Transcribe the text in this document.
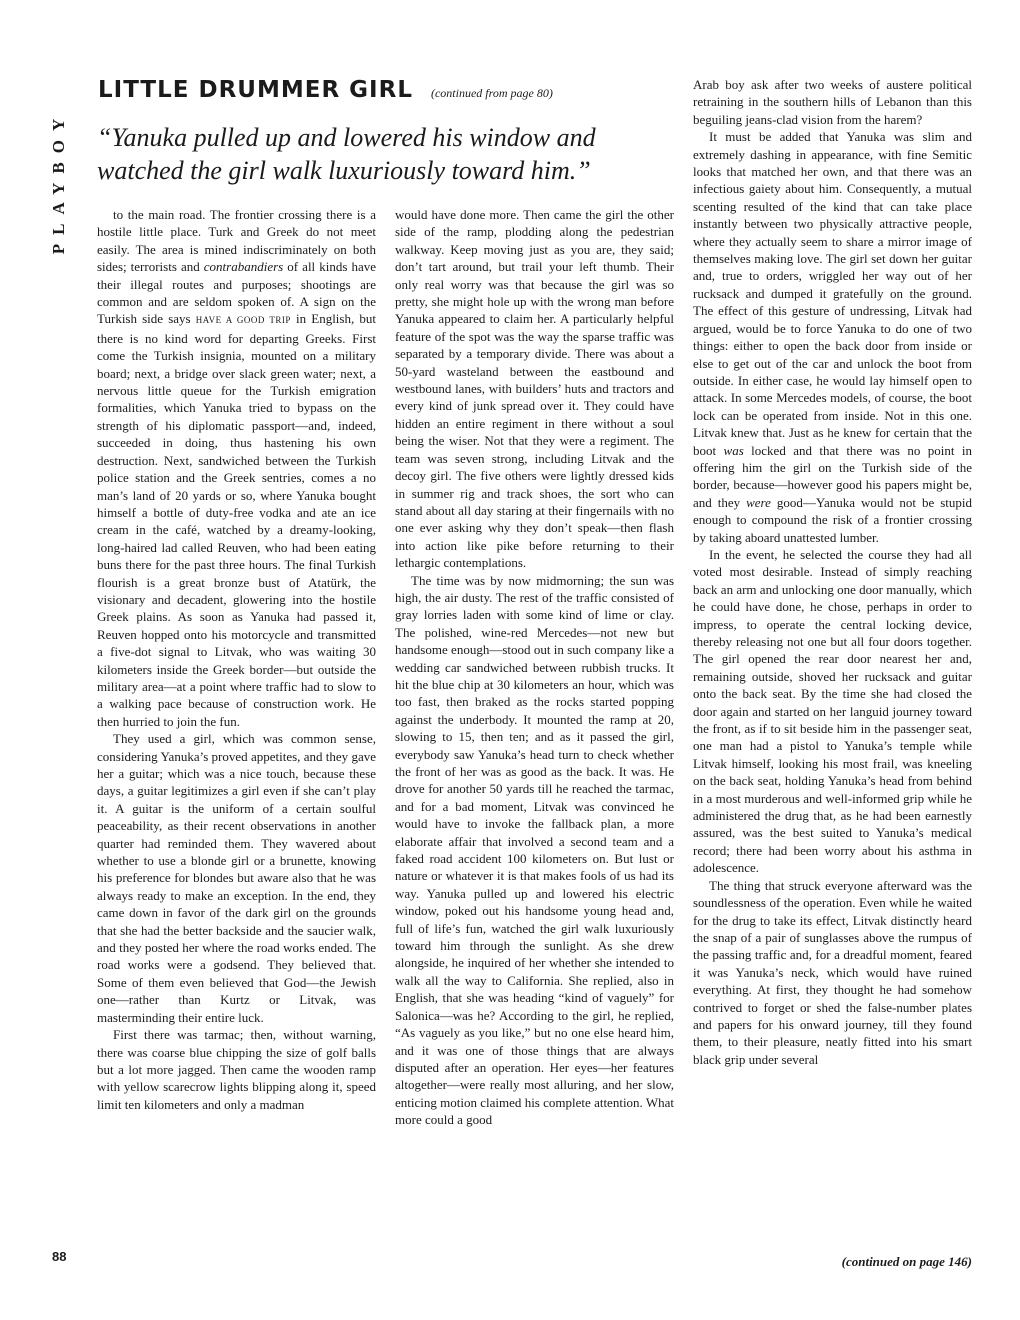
PLAYBOY
LITTLE DRUMMER GIRL (continued from page 80)

“Yanuka pulled up and lowered his window and watched the girl walk luxuriously toward him.”

to the main road. The frontier crossing there is a hostile little place. Turk and Greek do not meet easily. The area is mined indiscriminately on both sides; terrorists and contrabandiers of all kinds have their illegal routes and purposes; shootings are common and are seldom spoken of. A sign on the Turkish side says HAVE A GOOD TRIP in English, but there is no kind word for departing Greeks. First come the Turkish insignia, mounted on a military board; next, a bridge over slack green water; next, a nervous little queue for the Turkish emigration formalities, which Yanuka tried to bypass on the strength of his diplomatic passport—and, indeed, succeeded in doing, thus hastening his own destruction. Next, sandwiched between the Turkish police station and the Greek sentries, comes a no man’s land of 20 yards or so, where Yanuka bought himself a bottle of duty-free vodka and ate an ice cream in the café, watched by a dreamy-looking, long-haired lad called Reuven, who had been eating buns there for the past three hours. The final Turkish flourish is a great bronze bust of Atatürk, the visionary and decadent, glowering into the hostile Greek plains. As soon as Yanuka had passed it, Reuven hopped onto his motorcycle and transmitted a five-dot signal to Litvak, who was waiting 30 kilometers inside the Greek border—but outside the military area—at a point where traffic had to slow to a walking pace because of construction work. He then hurried to join the fun.

They used a girl, which was common sense, considering Yanuka’s proved appetites, and they gave her a guitar; which was a nice touch, because these days, a guitar legitimizes a girl even if she can’t play it. A guitar is the uniform of a certain soulful peaceability, as their recent observations in another quarter had reminded them. They wavered about whether to use a blonde girl or a brunette, knowing his preference for blondes but aware also that he was always ready to make an exception. In the end, they came down in favor of the dark girl on the grounds that she had the better backside and the saucier walk, and they posted her where the road works ended. The road works were a godsend. They believed that. Some of them even believed that God—the Jewish one—rather than Kurtz or Litvak, was masterminding their entire luck.

First there was tarmac; then, without warning, there was coarse blue chipping the size of golf balls but a lot more jagged. Then came the wooden ramp with yellow scarecrow lights blipping along it, speed limit ten kilometers and only a madman

would have done more. Then came the girl the other side of the ramp, plodding along the pedestrian walkway. Keep moving just as you are, they said; don’t tart around, but trail your left thumb. Their only real worry was that because the girl was so pretty, she might hole up with the wrong man before Yanuka appeared to claim her. A particularly helpful feature of the spot was the way the sparse traffic was separated by a temporary divide. There was about a 50-yard wasteland between the eastbound and westbound lanes, with builders’ huts and tractors and every kind of junk spread over it. They could have hidden an entire regiment in there without a soul being the wiser. Not that they were a regiment. The team was seven strong, including Litvak and the decoy girl. The five others were lightly dressed kids in summer rig and track shoes, the sort who can stand about all day staring at their fingernails with no one ever asking why they don’t speak—then flash into action like pike before returning to their lethargic contemplations.

The time was by now midmorning; the sun was high, the air dusty. The rest of the traffic consisted of gray lorries laden with some kind of lime or clay. The polished, wine-red Mercedes—not new but handsome enough—stood out in such company like a wedding car sandwiched between rubbish trucks. It hit the blue chip at 30 kilometers an hour, which was too fast, then braked as the rocks started popping against the underbody. It mounted the ramp at 20, slowing to 15, then ten; and as it passed the girl, everybody saw Yanuka’s head turn to check whether the front of her was as good as the back. It was. He drove for another 50 yards till he reached the tarmac, and for a bad moment, Litvak was convinced he would have to invoke the fallback plan, a more elaborate affair that involved a second team and a faked road accident 100 kilometers on. But lust or nature or whatever it is that makes fools of us had its way. Yanuka pulled up and lowered his electric window, poked out his handsome young head and, full of life’s fun, watched the girl walk luxuriously toward him through the sunlight. As she drew alongside, he inquired of her whether she intended to walk all the way to California. She replied, also in English, that she was heading “kind of vaguely” for Salonica—was he? According to the girl, he replied, “As vaguely as you like,” but no one else heard him, and it was one of those things that are always disputed after an operation. Her eyes—her features altogether—were really most alluring, and her slow, enticing motion claimed his complete attention. What more could a good

Arab boy ask after two weeks of austere political retraining in the southern hills of Lebanon than this beguiling jeans-clad vision from the harem?

It must be added that Yanuka was slim and extremely dashing in appearance, with fine Semitic looks that matched her own, and that there was an infectious gaiety about him. Consequently, a mutual scenting resulted of the kind that can take place instantly between two physically attractive people, where they actually seem to share a mirror image of themselves making love. The girl set down her guitar and, true to orders, wriggled her way out of her rucksack and dumped it gratefully on the ground. The effect of this gesture of undressing, Litvak had argued, would be to force Yanuka to do one of two things: either to open the back door from inside or else to get out of the car and unlock the boot from outside. In either case, he would lay himself open to attack. In some Mercedes models, of course, the boot lock can be operated from inside. Not in this one. Litvak knew that. Just as he knew for certain that the boot was locked and that there was no point in offering him the girl on the Turkish side of the border, because—however good his papers might be, and they were good—Yanuka would not be stupid enough to compound the risk of a frontier crossing by taking aboard unattested lumber.

In the event, he selected the course they had all voted most desirable. Instead of simply reaching back an arm and unlocking one door manually, which he could have done, he chose, perhaps in order to impress, to operate the central locking device, thereby releasing not one but all four doors together. The girl opened the rear door nearest her and, remaining outside, shoved her rucksack and guitar onto the back seat. By the time she had closed the door again and started on her languid journey toward the front, as if to sit beside him in the passenger seat, one man had a pistol to Yanuka’s temple while Litvak himself, looking his most frail, was kneeling on the back seat, holding Yanuka’s head from behind in a most murderous and well-informed grip while he administered the drug that, as he had been earnestly assured, was the best suited to Yanuka’s medical record; there had been worry about his asthma in adolescence.

The thing that struck everyone afterward was the soundlessness of the operation. Even while he waited for the drug to take its effect, Litvak distinctly heard the snap of a pair of sunglasses above the rumpus of the passing traffic and, for a dreadful moment, feared it was Yanuka’s neck, which would have ruined everything. At first, they thought he had somehow contrived to forget or shed the false-number plates and papers for his onward journey, till they found them, to their pleasure, neatly fitted into his smart black grip under several

(continued on page 146)
88
